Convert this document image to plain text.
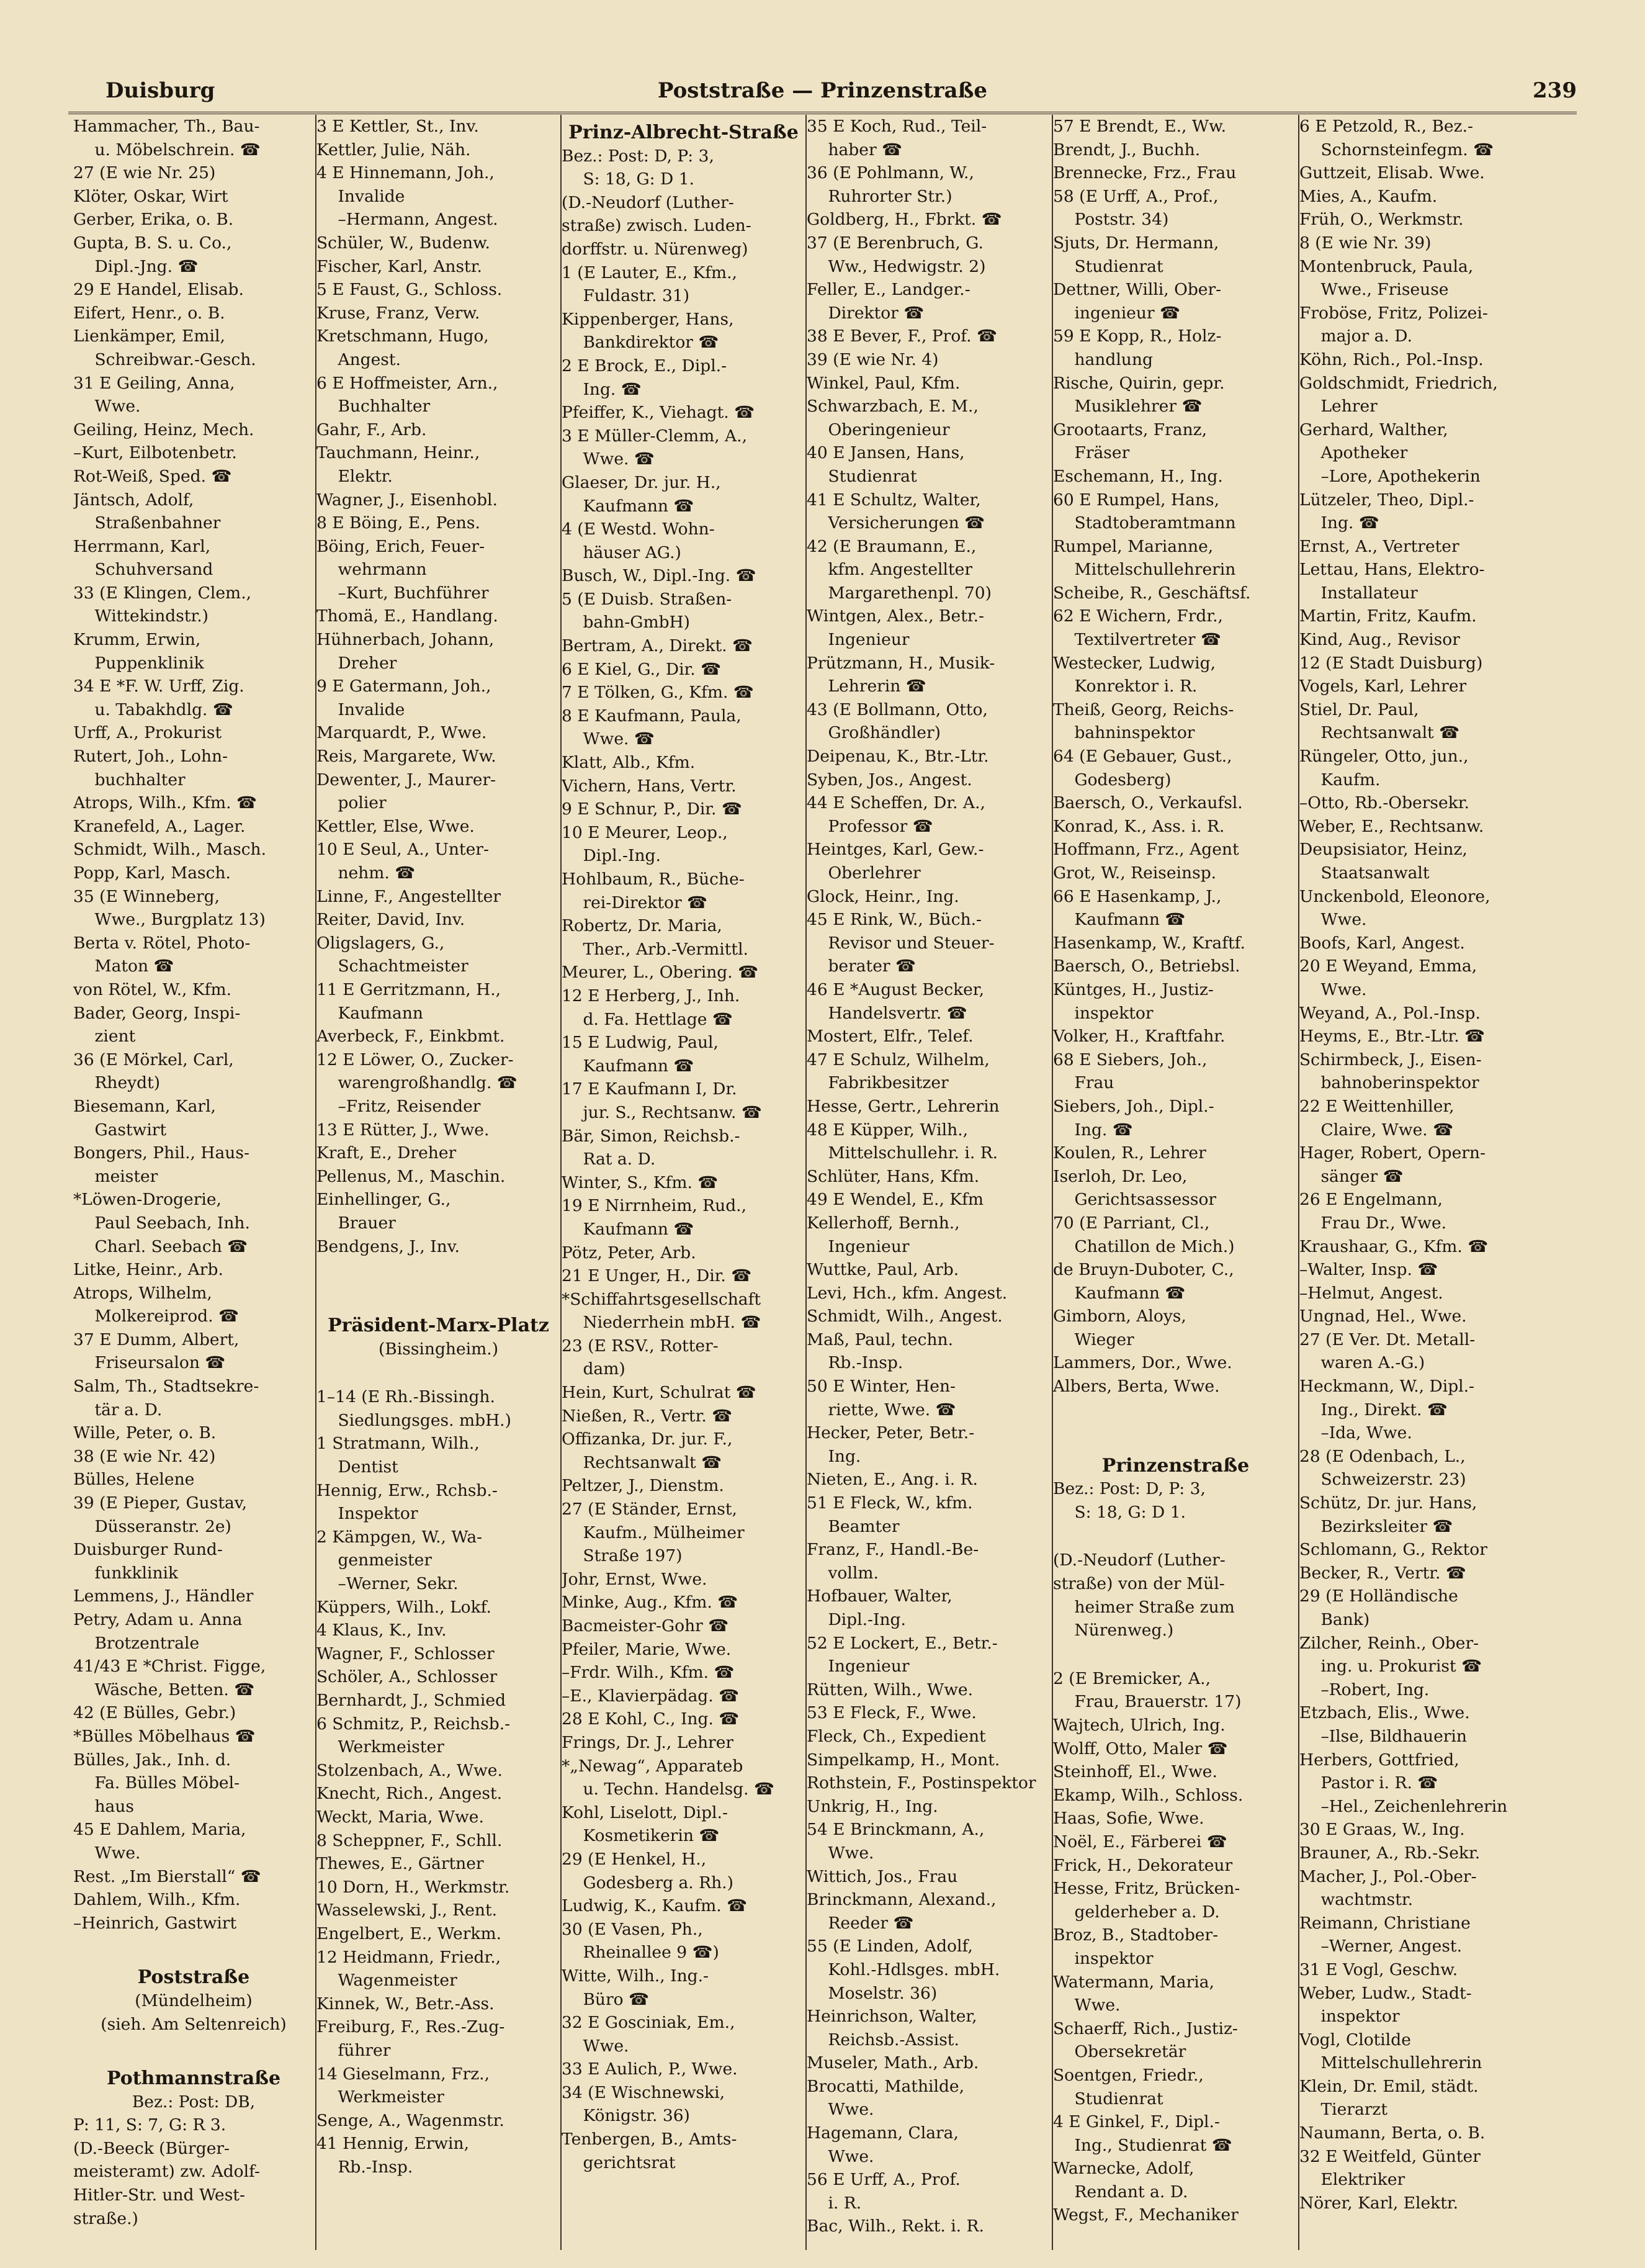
Duisburg	Poststraße — Prinzenstraße	239
Hammacher, Th., Bau-
u. Möbelschrein. ☎
27 (E wie Nr. 25)
Klöter, Oskar, Wirt
Gerber, Erika, o. B.
Gupta, B. S. u. Co.,
Dipl.-Jng. ☎
29 E Handel, Elisab.
Eifert, Henr., o. B.
Lienkämper, Emil,
Schreibwar.-Gesch.
31 E Geiling, Anna,
Wwe.
Geiling, Heinz, Mech.
–Kurt, Eilbotenbetr.
Rot-Weiß, Sped. ☎
Jäntsch, Adolf,
Straßenbahner
Herrmann, Karl,
Schuhversand
33 (E Klingen, Clem.,
Wittekindstr.)
Krumm, Erwin,
Puppenklinik
34 E *F. W. Urff, Zig.
u. Tabakhdlg. ☎
Urff, A., Prokurist
Rutert, Joh., Lohn-
buchhalter
Atrops, Wilh., Kfm. ☎
Kranefeld, A., Lager.
Schmidt, Wilh., Masch.
Popp, Karl, Masch.
35 (E Winneberg,
Wwe., Burgplatz 13)
Berta v. Rötel, Photo-
Maton ☎
von Rötel, W., Kfm.
Bader, Georg, Inspi-
zient
36 (E Mörkel, Carl,
Rheydt)
Biesemann, Karl,
Gastwirt
Bongers, Phil., Haus-
meister
*Löwen-Drogerie,
Paul Seebach, Inh.
Charl. Seebach ☎
Litke, Heinr., Arb.
Atrops, Wilhelm,
Molkereiprod. ☎
37 E Dumm, Albert,
Friseursalon ☎
Salm, Th., Stadtsekre-
tär a. D.
Wille, Peter, o. B.
38 (E wie Nr. 42)
Bülles, Helene
39 (E Pieper, Gustav,
Düsseranstr. 2e)
Duisburger Rund-
funkklinik
Lemmens, J., Händler
Petry, Adam u. Anna
Brotzentrale
41/43 E *Christ. Figge,
Wäsche, Betten. ☎
42 (E Bülles, Gebr.)
*Bülles Möbelhaus ☎
Bülles, Jak., Inh. d.
Fa. Bülles Möbel-
haus
45 E Dahlem, Maria,
Wwe.
Rest. „Im Bierstall“ ☎
Dahlem, Wilh., Kfm.
–Heinrich, Gastwirt
Poststraße
(Mündelheim)
(sieh. Am Seltenreich)
Pothmannstraße
Bez.: Post: DB,
P: 11, S: 7, G: R 3.
(D.-Beeck (Bürger-
meisteramt) zw. Adolf-
Hitler-Str. und West-
straße.)
3 E Kettler, St., Inv.
Kettler, Julie, Näh.
4 E Hinnemann, Joh.,
Invalide
–Hermann, Angest.
Schüler, W., Budenw.
Fischer, Karl, Anstr.
5 E Faust, G., Schloss.
Kruse, Franz, Verw.
Kretschmann, Hugo,
Angest.
6 E Hoffmeister, Arn.,
Buchhalter
Gahr, F., Arb.
Tauchmann, Heinr.,
Elektr.
Wagner, J., Eisenhobl.
8 E Böing, E., Pens.
Böing, Erich, Feuer-
wehrmann
–Kurt, Buchführer
Thomä, E., Handlang.
Hühnerbach, Johann,
Dreher
9 E Gatermann, Joh.,
Invalide
Marquardt, P., Wwe.
Reis, Margarete, Ww.
Dewenter, J., Maurer-
polier
Kettler, Else, Wwe.
10 E Seul, A., Unter-
nehm. ☎
Linne, F., Angestellter
Reiter, David, Inv.
Oligslagers, G.,
Schachtmeister
11 E Gerritzmann, H.,
Kaufmann
Averbeck, F., Einkbmt.
12 E Löwer, O., Zucker-
warengroßhandlg. ☎
–Fritz, Reisender
13 E Rütter, J., Wwe.
Kraft, E., Dreher
Pellenus, M., Maschin.
Einhellinger, G.,
Brauer
Bendgens, J., Inv.
Präsident-Marx-Platz
(Bissingheim.)
1–14 (E Rh.-Bissingh.
Siedlungsges. mbH.)
1 Stratmann, Wilh.,
Dentist
Hennig, Erw., Rchsb.-
Inspektor
2 Kämpgen, W., Wa-
genmeister
–Werner, Sekr.
Küppers, Wilh., Lokf.
4 Klaus, K., Inv.
Wagner, F., Schlosser
Schöler, A., Schlosser
Bernhardt, J., Schmied
6 Schmitz, P., Reichsb.-
Werkmeister
Stolzenbach, A., Wwe.
Knecht, Rich., Angest.
Weckt, Maria, Wwe.
8 Scheppner, F., Schll.
Thewes, E., Gärtner
10 Dorn, H., Werkmstr.
Wasselewski, J., Rent.
Engelbert, E., Werkm.
12 Heidmann, Friedr.,
Wagenmeister
Kinnek, W., Betr.-Ass.
Freiburg, F., Res.-Zug-
führer
14 Gieselmann, Frz.,
Werkmeister
Senge, A., Wagenmstr.
41 Hennig, Erwin,
Rb.-Insp.
Prinz-Albrecht-Straße
Bez.: Post: D, P: 3,
S: 18, G: D 1.
(D.-Neudorf (Luther-
straße) zwisch. Luden-
dorffstr. u. Nürenweg)
1 (E Lauter, E., Kfm.,
Fuldastr. 31)
Kippenberger, Hans,
Bankdirektor ☎
2 E Brock, E., Dipl.-
Ing. ☎
Pfeiffer, K., Viehagt. ☎
3 E Müller-Clemm, A.,
Wwe. ☎
Glaeser, Dr. jur. H.,
Kaufmann ☎
4 (E Westd. Wohn-
häuser AG.)
Busch, W., Dipl.-Ing. ☎
5 (E Duisb. Straßen-
bahn-GmbH)
Bertram, A., Direkt. ☎
6 E Kiel, G., Dir. ☎
7 E Tölken, G., Kfm. ☎
8 E Kaufmann, Paula,
Wwe. ☎
Klatt, Alb., Kfm.
Vichern, Hans, Vertr.
9 E Schnur, P., Dir. ☎
10 E Meurer, Leop.,
Dipl.-Ing.
Hohlbaum, R., Büche-
rei-Direktor ☎
Robertz, Dr. Maria,
Ther., Arb.-Vermittl.
Meurer, L., Obering. ☎
12 E Herberg, J., Inh.
d. Fa. Hettlage ☎
15 E Ludwig, Paul,
Kaufmann ☎
17 E Kaufmann I, Dr.
jur. S., Rechtsanw. ☎
Bär, Simon, Reichsb.-
Rat a. D.
Winter, S., Kfm. ☎
19 E Nirrnheim, Rud.,
Kaufmann ☎
Pötz, Peter, Arb.
21 E Unger, H., Dir. ☎
*Schiffahrtsgesellschaft
Niederrhein mbH. ☎
23 (E RSV., Rotter-
dam)
Hein, Kurt, Schulrat ☎
Nießen, R., Vertr. ☎
Offizanka, Dr. jur. F.,
Rechtsanwalt ☎
Peltzer, J., Dienstm.
27 (E Ständer, Ernst,
Kaufm., Mülheimer
Straße 197)
Johr, Ernst, Wwe.
Minke, Aug., Kfm. ☎
Bacmeister-Gohr ☎
Pfeiler, Marie, Wwe.
–Frdr. Wilh., Kfm. ☎
–E., Klavierpädag. ☎
28 E Kohl, C., Ing. ☎
Frings, Dr. J., Lehrer
*„Newag“, Apparateb
u. Techn. Handelsg. ☎
Kohl, Liselott, Dipl.-
Kosmetikerin ☎
29 (E Henkel, H.,
Godesberg a. Rh.)
Ludwig, K., Kaufm. ☎
30 (E Vasen, Ph.,
Rheinallee 9 ☎)
Witte, Wilh., Ing.-
Büro ☎
32 E Gosciniak, Em.,
Wwe.
33 E Aulich, P., Wwe.
34 (E Wischnewski,
Königstr. 36)
Tenbergen, B., Amts-
gerichtsrat
35 E Koch, Rud., Teil-
haber ☎
36 (E Pohlmann, W.,
Ruhrorter Str.)
Goldberg, H., Fbrkt. ☎
37 (E Berenbruch, G.
Ww., Hedwigstr. 2)
Feller, E., Landger.-
Direktor ☎
38 E Bever, F., Prof. ☎
39 (E wie Nr. 4)
Winkel, Paul, Kfm.
Schwarzbach, E. M.,
Oberingenieur
40 E Jansen, Hans,
Studienrat
41 E Schultz, Walter,
Versicherungen ☎
42 (E Braumann, E.,
kfm. Angestellter
Margarethenpl. 70)
Wintgen, Alex., Betr.-
Ingenieur
Prützmann, H., Musik-
Lehrerin ☎
43 (E Bollmann, Otto,
Großhändler)
Deipenau, K., Btr.-Ltr.
Syben, Jos., Angest.
44 E Scheffen, Dr. A.,
Professor ☎
Heintges, Karl, Gew.-
Oberlehrer
Glock, Heinr., Ing.
45 E Rink, W., Büch.-
Revisor und Steuer-
berater ☎
46 E *August Becker,
Handelsvertr. ☎
Mostert, Elfr., Telef.
47 E Schulz, Wilhelm,
Fabrikbesitzer
Hesse, Gertr., Lehrerin
48 E Küpper, Wilh.,
Mittelschullehr. i. R.
Schlüter, Hans, Kfm.
49 E Wendel, E., Kfm
Kellerhoff, Bernh.,
Ingenieur
Wuttke, Paul, Arb.
Levi, Hch., kfm. Angest.
Schmidt, Wilh., Angest.
Maß, Paul, techn.
Rb.-Insp.
50 E Winter, Hen-
riette, Wwe. ☎
Hecker, Peter, Betr.-
Ing.
Nieten, E., Ang. i. R.
51 E Fleck, W., kfm.
Beamter
Franz, F., Handl.-Be-
vollm.
Hofbauer, Walter,
Dipl.-Ing.
52 E Lockert, E., Betr.-
Ingenieur
Rütten, Wilh., Wwe.
53 E Fleck, F., Wwe.
Fleck, Ch., Expedient
Simpelkamp, H., Mont.
Rothstein, F., Postinspektor
Unkrig, H., Ing.
54 E Brinckmann, A.,
Wwe.
Wittich, Jos., Frau
Brinckmann, Alexand.,
Reeder ☎
55 (E Linden, Adolf,
Kohl.-Hdlsges. mbH.
Moselstr. 36)
Heinrichson, Walter,
Reichsb.-Assist.
Museler, Math., Arb.
Brocatti, Mathilde,
Wwe.
Hagemann, Clara,
Wwe.
56 E Urff, A., Prof.
i. R.
Bac, Wilh., Rekt. i. R.
57 E Brendt, E., Ww.
Brendt, J., Buchh.
Brennecke, Frz., Frau
58 (E Urff, A., Prof.,
Poststr. 34)
Sjuts, Dr. Hermann,
Studienrat
Dettner, Willi, Ober-
ingenieur ☎
59 E Kopp, R., Holz-
handlung
Rische, Quirin, gepr.
Musiklehrer ☎
Grootaarts, Franz,
Fräser
Eschemann, H., Ing.
60 E Rumpel, Hans,
Stadtoberamtmann
Rumpel, Marianne,
Mittelschullehrerin
Scheibe, R., Geschäftsf.
62 E Wichern, Frdr.,
Textilvertreter ☎
Westecker, Ludwig,
Konrektor i. R.
Theiß, Georg, Reichs-
bahninspektor
64 (E Gebauer, Gust.,
Godesberg)
Baersch, O., Verkaufsl.
Konrad, K., Ass. i. R.
Hoffmann, Frz., Agent
Grot, W., Reiseinsp.
66 E Hasenkamp, J.,
Kaufmann ☎
Hasenkamp, W., Kraftf.
Baersch, O., Betriebsl.
Küntges, H., Justiz-
inspektor
Volker, H., Kraftfahr.
68 E Siebers, Joh.,
Frau
Siebers, Joh., Dipl.-
Ing. ☎
Koulen, R., Lehrer
Iserloh, Dr. Leo,
Gerichtsassessor
70 (E Parriant, Cl.,
Chatillon de Mich.)
de Bruyn-Duboter, C.,
Kaufmann ☎
Gimborn, Aloys,
Wieger
Lammers, Dor., Wwe.
Albers, Berta, Wwe.
Prinzenstraße
Bez.: Post: D, P: 3,
S: 18, G: D 1.
(D.-Neudorf (Luther-
straße) von der Mül-
heimer Straße zum
Nürenweg.)
2 (E Bremicker, A.,
Frau, Brauerstr. 17)
Wajtech, Ulrich, Ing.
Wolff, Otto, Maler ☎
Steinhoff, El., Wwe.
Ekamp, Wilh., Schloss.
Haas, Sofie, Wwe.
Noël, E., Färberei ☎
Frick, H., Dekorateur
Hesse, Fritz, Brücken-
gelderheber a. D.
Broz, B., Stadtober-
inspektor
Watermann, Maria,
Wwe.
Schaerff, Rich., Justiz-
Obersekretär
Soentgen, Friedr.,
Studienrat
4 E Ginkel, F., Dipl.-
Ing., Studienrat ☎
Warnecke, Adolf,
Rendant a. D.
Wegst, F., Mechaniker
6 E Petzold, R., Bez.-
Schornsteinfegm. ☎
Guttzeit, Elisab. Wwe.
Mies, A., Kaufm.
Früh, O., Werkmstr.
8 (E wie Nr. 39)
Montenbruck, Paula,
Wwe., Friseuse
Froböse, Fritz, Polizei-
major a. D.
Köhn, Rich., Pol.-Insp.
Goldschmidt, Friedrich,
Lehrer
Gerhard, Walther,
Apotheker
–Lore, Apothekerin
Lützeler, Theo, Dipl.-
Ing. ☎
Ernst, A., Vertreter
Lettau, Hans, Elektro-
Installateur
Martin, Fritz, Kaufm.
Kind, Aug., Revisor
12 (E Stadt Duisburg)
Vogels, Karl, Lehrer
Stiel, Dr. Paul,
Rechtsanwalt ☎
Rüngeler, Otto, jun.,
Kaufm.
–Otto, Rb.-Obersekr.
Weber, E., Rechtsanw.
Deupsisiator, Heinz,
Staatsanwalt
Unckenbold, Eleonore,
Wwe.
Boofs, Karl, Angest.
20 E Weyand, Emma,
Wwe.
Weyand, A., Pol.-Insp.
Heyms, E., Btr.-Ltr. ☎
Schirmbeck, J., Eisen-
bahnoberinspektor
22 E Weittenhiller,
Claire, Wwe. ☎
Hager, Robert, Opern-
sänger ☎
26 E Engelmann,
Frau Dr., Wwe.
Kraushaar, G., Kfm. ☎
–Walter, Insp. ☎
–Helmut, Angest.
Ungnad, Hel., Wwe.
27 (E Ver. Dt. Metall-
waren A.-G.)
Heckmann, W., Dipl.-
Ing., Direkt. ☎
–Ida, Wwe.
28 (E Odenbach, L.,
Schweizerstr. 23)
Schütz, Dr. jur. Hans,
Bezirksleiter ☎
Schlomann, G., Rektor
Becker, R., Vertr. ☎
29 (E Holländische
Bank)
Zilcher, Reinh., Ober-
ing. u. Prokurist ☎
–Robert, Ing.
Etzbach, Elis., Wwe.
–Ilse, Bildhauerin
Herbers, Gottfried,
Pastor i. R. ☎
–Hel., Zeichenlehrerin
30 E Graas, W., Ing.
Brauner, A., Rb.-Sekr.
Macher, J., Pol.-Ober-
wachtmstr.
Reimann, Christiane
–Werner, Angest.
31 E Vogl, Geschw.
Weber, Ludw., Stadt-
inspektor
Vogl, Clotilde
Mittelschullehrerin
Klein, Dr. Emil, städt.
Tierarzt
Naumann, Berta, o. B.
32 E Weitfeld, Günter
Elektriker
Nörer, Karl, Elektr.
